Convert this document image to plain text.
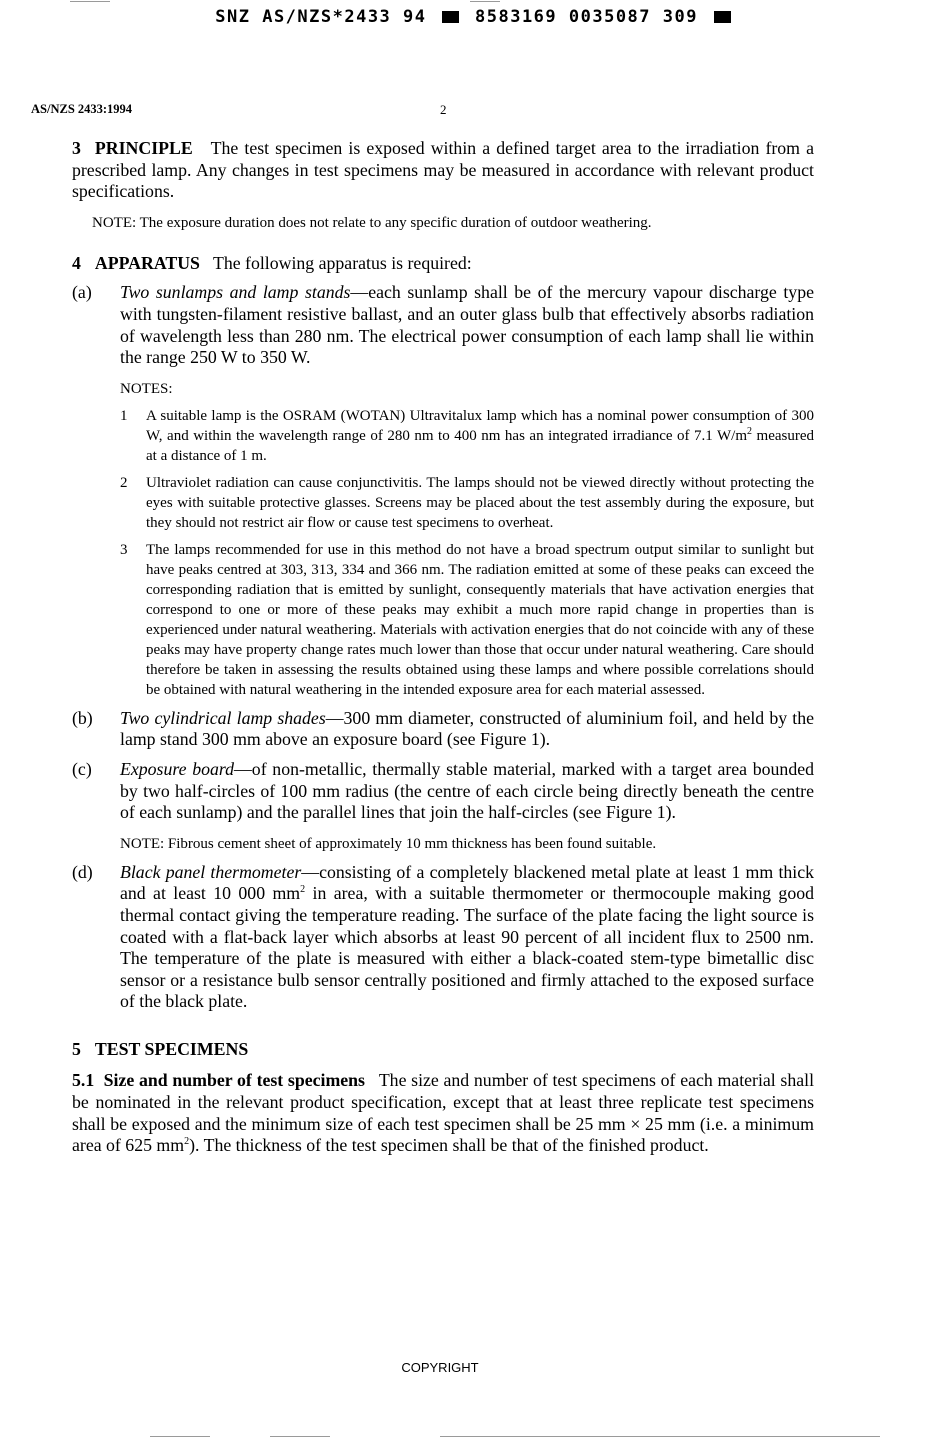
SNZ AS/NZS*2433 94	8583169 0035087 309
AS/NZS 2433:1994	2

3 PRINCIPLE The test specimen is exposed within a defined target area to the irradiation from a prescribed lamp. Any changes in test specimens may be measured in accordance with relevant product specifications.

NOTE: The exposure duration does not relate to any specific duration of outdoor weathering.

4 APPARATUS The following apparatus is required:

(a)	Two sunlamps and lamp stands—each sunlamp shall be of the mercury vapour discharge type with tungsten-filament resistive ballast, and an outer glass bulb that effectively absorbs radiation of wavelength less than 280 nm. The electrical power consumption of each lamp shall lie within the range 250 W to 350 W.

NOTES:
1	A suitable lamp is the OSRAM (WOTAN) Ultravitalux lamp which has a nominal power consumption of 300 W, and within the wavelength range of 280 nm to 400 nm has an integrated irradiance of 7.1 $W/m^2$ measured at a distance of 1 m.
2	Ultraviolet radiation can cause conjunctivitis. The lamps should not be viewed directly without protecting the eyes with suitable protective glasses. Screens may be placed about the test assembly during the exposure, but they should not restrict air flow or cause test specimens to overheat.
3	The lamps recommended for use in this method do not have a broad spectrum output similar to sunlight but have peaks centred at 303, 313, 334 and 366 nm. The radiation emitted at some of these peaks can exceed the corresponding radiation that is emitted by sunlight, consequently materials that have activation energies that correspond to one or more of these peaks may exhibit a much more rapid change in properties than is experienced under natural weathering. Materials with activation energies that do not coincide with any of these peaks may have property change rates much lower than those that occur under natural weathering. Care should therefore be taken in assessing the results obtained using these lamps and where possible correlations should be obtained with natural weathering in the intended exposure area for each material assessed.
(b)	Two cylindrical lamp shades—300 mm diameter, constructed of aluminium foil, and held by the lamp stand 300 mm above an exposure board (see Figure 1).

(c)	Exposure board—of non-metallic, thermally stable material, marked with a target area bounded by two half-circles of 100 mm radius (the centre of each circle being directly beneath the centre of each sunlamp) and the parallel lines that join the half-circles (see Figure 1).

NOTE: Fibrous cement sheet of approximately 10 mm thickness has been found suitable.

(d)	Black panel thermometer—consisting of a completely blackened metal plate at least 1 mm thick and at least 10 000 $mm^2$ in area, with a suitable thermometer or thermocouple making good thermal contact giving the temperature reading. The surface of the plate facing the light source is coated with a flat-back layer which absorbs at least 90 percent of all incident flux to 2500 nm. The temperature of the plate is measured with either a black-coated stem-type bimetallic disc sensor or a resistance bulb sensor centrally positioned and firmly attached to the exposed surface of the black plate.

5 TEST SPECIMENS

5.1 Size and number of test specimens The size and number of test specimens of each material shall be nominated in the relevant product specification, except that at least three replicate test specimens shall be exposed and the minimum size of each test specimen shall be 25 mm × 25 mm (i.e. a minimum area of 625 $mm^2$). The thickness of the test specimen shall be that of the finished product.

COPYRIGHT
